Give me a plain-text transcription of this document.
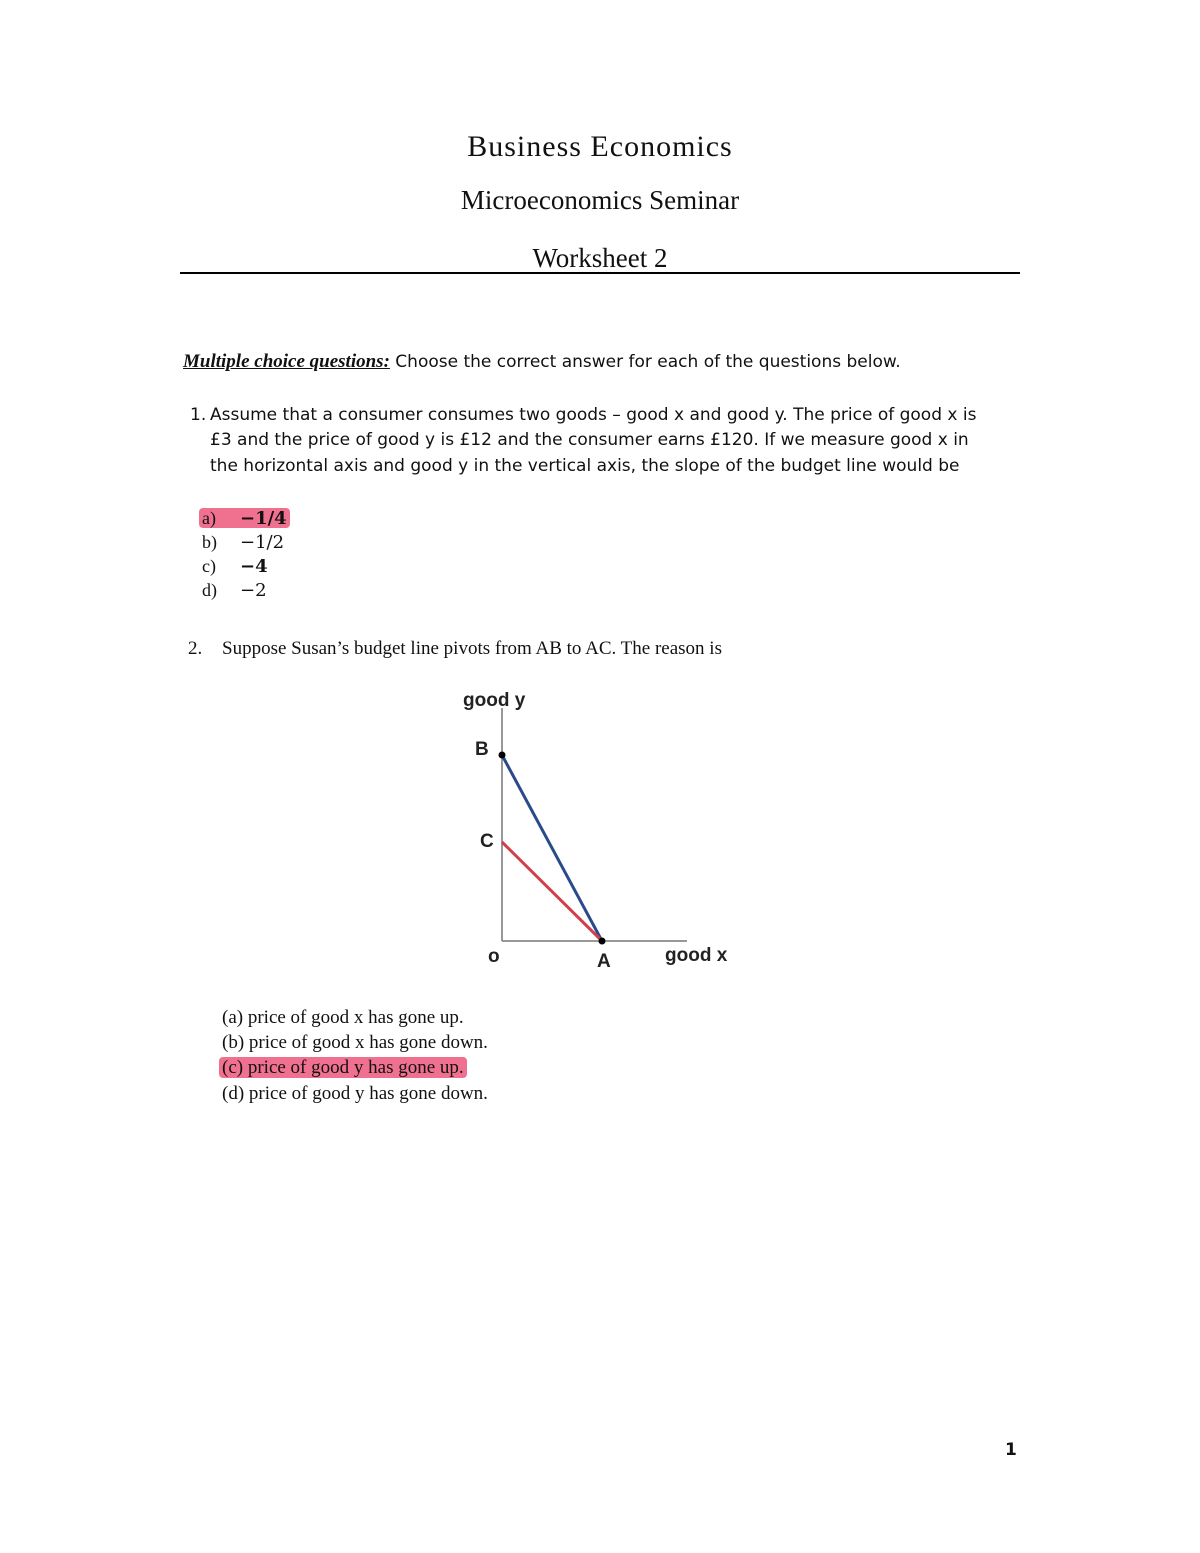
Business Economics
Microeconomics Seminar
Worksheet 2
Multiple choice questions: Choose the correct answer for each of the questions below.
1. Assume that a consumer consumes two goods – good x and good y. The price of good x is
£3 and the price of good y is £12 and the consumer earns £120. If we measure good x in
the horizontal axis and good y in the vertical axis, the slope of the budget line would be
a) −1/4
b) −1/2
c) −4
d) −2
2. Suppose Susan’s budget line pivots from AB to AC. The reason is
good y
B
C
o	A	good x
(a) price of good x has gone up.
(b) price of good x has gone down.
(c) price of good y has gone up.
(d) price of good y has gone down.
1
